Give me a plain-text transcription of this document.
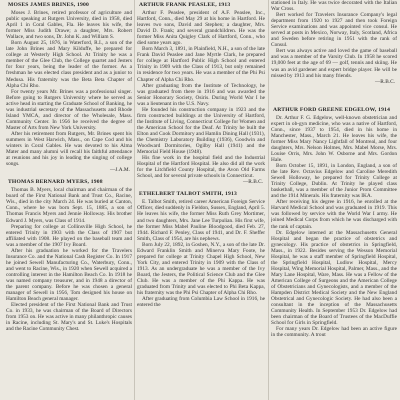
MOSES JAMES BRINES, 1900

Moses J. Brines, retired professor of agriculture and public speaking at Rutgers University, died in 1958, died April 1 in Coral Gables, Fla. He leaves his wife, the former Miss Judith Drawe; a daughter, Mrs. Robert Wallace, and two sons, Dr. John K. and William S.

Born August 25, 1876, in Waterford, R.I., a son of the late John Brines and Mary Kilduffe, he prepared for college at Westerly High School. At Trinity he was a member of the Glee Club, the College quartet and Jesters for four years, being the leader of the former. As a freshman he was elected class president and as a junior to Medusa. His fraternity was the Beta Beta Chapter of Alpha Chi Rho.

For twenty years Mr. Brines was a professional singer. Before going to Rutgers University where he served as active head in starting the Graduate School of Banking, he was industrial secretary of the Massachusetts and Rhode Island YMCA, and director of the Wholesale, Mass. Community Center. In 1956 he received the degree of Master of Arts from New York University.

After his retirement from Rutgers, Mr. Brines spent his summers in West Harwich, Mass., on Cape Cod and his winters in Coral Gables. He was devoted to his Alma Mater and many alumni will recall his faithful attendance at reunions and his joy in leading the singing of college songs.

—J.A.M.

THOMAS BERNARD MYERS, 1908

Thomas B. Myers, local chairman and chairman of the board of the First National Bank and Trust Co., Racine, Wis., died in the city March 24. He was buried at Canton, Conn., where he was born Sept. 15, 1885, a son of Thomas Francis Myers and Jennie Holloway. His brother Edward J. Myers, was Class of 1914.

Preparing for college at Collinsville High School, he entered Trinity in 1903 with the Class of 1907 but affiliated with 1908. He played on the baseball team and was a member of the 1907 Ivy Board.

After his graduation he worked for the Travelers Insurance Co. and the National Cash Register Co. In 1917 he joined Sewell Manufacturing Co., Waterbury, Conn., and went to Racine, Wis., in 1920 when Sewell acquired a controlling interest in the Hamilton Beach Co. In 1918 he was named company treasurer, and in 1948 a director of the parent company. Before he was chosen a general manager of Sewell in 1956, Tom designed his house on Hamilton Beach general manager.

Elected president of the First National Bank and Trust Co. in 1933, he was chairman of the Board of Directors from 1953 on. He was active in many philanthropic causes in Racine, including St. Mary's and St. Luke's Hospitals and the Racine Community Chest.

ARTHUR FRANK PEASLEE, 1913

Arthur F. Peaslee, president of A.F. Peaslee, Inc., Hartford, Conn., died May 29 at his home in Hartford. He leaves two sons, David and Stephen; a daughter, Mrs. David D. Frank; and several grandchildren. He was the former Miss Anita Quigley Clark of Hartford, Conn., who died some years ago.

Born March 3, 1891, in Plainfield, N.H., a son of the late Frank David Peaslee and Jane Myrtle Clark, he prepared for college at Hartford Public High School and entered Trinity in 1909 with the Class of 1913, but only remained in residence for two years. He was a member of the Phi Psi Chapter of Alpha Chi Rho.

After graduating from the Institute of Technology, he was graduated from there in 1916 and was awarded the Senior Honorary Society, Osiris. During World War I he was a lieutenant in the U.S. Navy.

He founded his construction company in 1923 and the firm constructed buildings at the University of Hartford, the Institute of Living, Connecticut College for Women and the American School for the Deaf. At Trinity he built the Elton and Cook Dormitory and Hamlin Dining Hall (1931), the Chemistry Laboratory Building (1936), Goodwin and Woodward Dormitories, Ogilby Hall (1941) and the Memorial Field House (1948).

His fine work in the hospital field and the Industrial Hospital of the Hartford Hospital. He also did all the work for the Litchfield County Hospital, the Avon Old Farms School, and for several private schools in Connecticut.

—R.B.C.

ETHELBERT TALBOT SMITH, 1913

E. Talbot Smith, retired career American Foreign Service Officer, died suddenly in Fieldon, Sussex, England, April 5. He leaves his wife, the former Miss Ruth Grey Mortimer, and two daughters, Mrs. Jane Lee Turpulian. His first wife, the former Miss Mabel Pauline Bloodgood, died Feb. 27, 1944. Richard F. Penley, Class of 1941, and Dr. F. Sheffer Smith, Class of 1954, are his nephews.

Born July 22, 1892, in Goshen, N.Y., a son of the late Dr. Edward Franklin Smith and Minerva Mary Foote, he prepared for college at Trinity Chapel High School, New York City, and entered Trinity in 1909 with the Class of 1913. As an undergraduate he was a member of the Ivy Board, the Jesters, the Political Science Club and the Glee Club. He was a member of the Phi Kappa. He was graduated from Trinity and was elected to Phi Beta Kappa, his fraternity was the Phi Psi Chapter of Alpha Chi Rho.

After graduating from Columbia Law School in 1916, he entered the

stationed in Italy. He was twice decorated with the Italian War Cross.

Bert worked for Travelers Insurance Company's legal department from 1920 to 1927 and then took Foreign Service examinations and was appointed vice consul. He served at posts in Mexico, Norway, Italy, Scotland, Africa and Sweden before retiring in 1951 with the rank of Consul.

Bert was always active and loved the game of baseball and was a member of the Varsity Club. In 1958 he scored 19,000 feet at the age of 69 — golf, tennis and skiing. He was an avid gardener and expert bridge player. He will be missed by 1913 and his many friends.

—R.B.C.

ARTHUR FORD GREENE EDGELOW, 1914

Dr. Arthur F. G. Edgelow, well-known obstetrician and expert in ob-gyn medicine, who was a native of Hartford, Conn., since 1937 to 1954, died in his home in Manchester, Mass., March 21. He leaves his wife, the former Miss Mary Nancy Lightfall of Montreal, and four daughters, Mrs. Nelson Holmes, Mrs. Mabel Morse, Mrs. Louise Orris, Mrs. John W. Osborne and Mrs. Gordon Hale.

Born October 15, 1891, in London, England, a son of the late Rev. Octavius Edgelow and Caroline Meredith Sewell Holloway, he prepared for Trinity College at Trinity College, Dublin. At Trinity he played class basketball, was a member of the Junior Prom Committee and the 1914 Minerals. His fraternity was IKA.

After receiving his degree in 1916, he enrolled at the Harvard Medical School and was graduated in 1919. This was followed by service with the World War I army. He joined Medical Corps from which he was discharged with the rank of captain.

Dr. Edgelow interned at the Massachusetts General Hospital and began the practice of obstetrics and gynecology. His practice of obstetrics in Springfield, Mass., in 1922. Besides serving the Wesson Memorial Hospital, he was a staff member of Springfield Hospital, the Springfield Hospital, Ludlow Hospital, Mercy Hospital, Wing Memorial Hospital, Palmer, Mass., and the Mary Lane Hospital, Ware, Mass. He was a Fellow of the American College of Surgeons and the American College of Obstetricians and Gynecologists, and a member of the Hampden District Medical Society and the New England Obstetrical and Gynecologic Society. He had also been a consultant in the inception of the Massachusetts Community Health. In September 1953 Dr. Edgelow had been chairman of the Board of Trustees of the MacDuffie School for Girls in Springfield.

For many years Dr. Edgelow had been an active figure in the community. A trout
